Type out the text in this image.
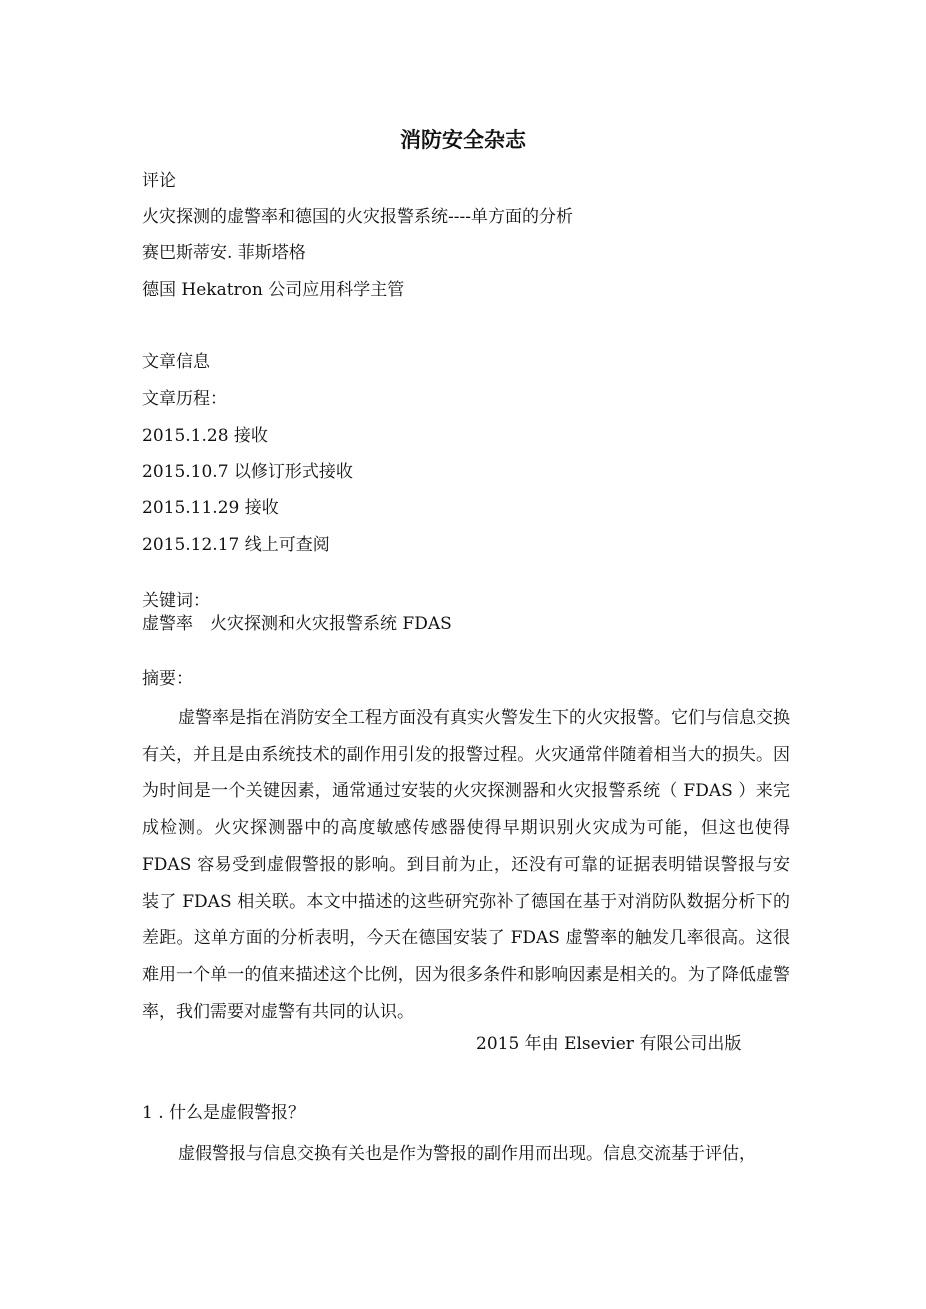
消防安全杂志
评论
火灾探测的虚警率和德国的火灾报警系统----单方面的分析
赛巴斯蒂安. 菲斯塔格
德国 Hekatron 公司应用科学主管
文章信息
文章历程：
2015.1.28 接收
2015.10.7 以修订形式接收
2015.11.29 接收
2015.12.17 线上可查阅
关键词：
虚警率　火灾探测和火灾报警系统 FDAS
摘要：
虚警率是指在消防安全工程方面没有真实火警发生下的火灾报警。它们与信息交换有关，并且是由系统技术的副作用引发的报警过程。火灾通常伴随着相当大的损失。因为时间是一个关键因素，通常通过安装的火灾探测器和火灾报警系统（ FDAS ）来完成检测。火灾探测器中的高度敏感传感器使得早期识别火灾成为可能，但这也使得 FDAS 容易受到虚假警报的影响。到目前为止，还没有可靠的证据表明错误警报与安装了 FDAS 相关联。本文中描述的这些研究弥补了德国在基于对消防队数据分析下的差距。这单方面的分析表明，今天在德国安装了 FDAS 虚警率的触发几率很高。这很难用一个单一的值来描述这个比例，因为很多条件和影响因素是相关的。为了降低虚警率，我们需要对虚警有共同的认识。
2015 年由 Elsevier 有限公司出版
1 . 什么是虚假警报？
虚假警报与信息交换有关也是作为警报的副作用而出现。信息交流基于评估，
